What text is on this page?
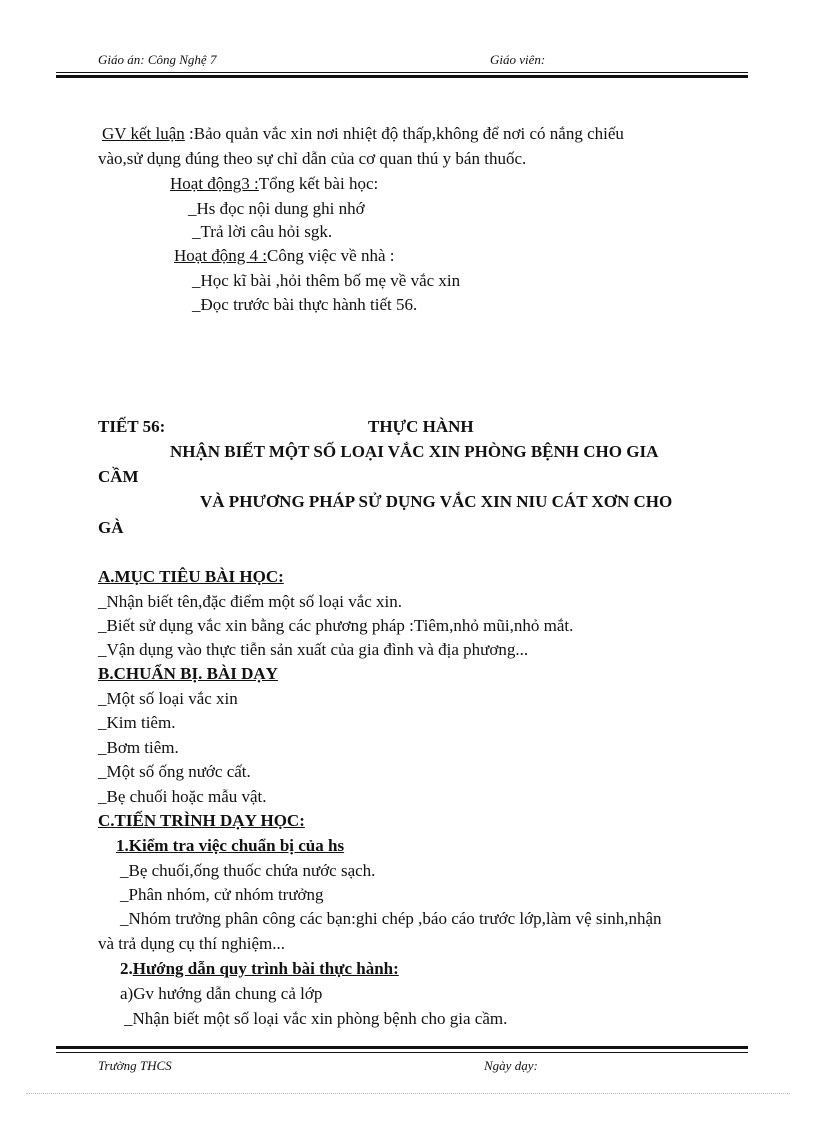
Giáo án: Công Nghệ 7	Giáo viên:
GV kết luận :Bảo quản vắc xin nơi nhiệt độ thấp,không để nơi có nắng chiếu
vào,sử dụng đúng theo sự chỉ dẫn của cơ quan thú y bán thuốc.
Hoạt động3 :Tổng kết bài học:
_Hs đọc nội dung ghi nhớ
_Trả lời câu hỏi sgk.
Hoạt động 4 :Công việc về nhà :
_Học kĩ bài ,hỏi thêm bố mẹ về vắc xin
_Đọc trước bài thực hành tiết 56.
TIẾT 56:	THỰC HÀNH
NHẬN BIẾT MỘT SỐ LOẠI VẮC XIN PHÒNG BỆNH CHO GIA
CẦM
VÀ PHƯƠNG PHÁP SỬ DỤNG VẮC XIN NIU CÁT XƠN CHO
GÀ
A.MỤC TIÊU BÀI HỌC:
_Nhận biết tên,đặc điểm một số loại vắc xin.
_Biết sử dụng vắc xin bằng các phương pháp :Tiêm,nhỏ mũi,nhỏ mắt.
_Vận dụng vào thực tiễn sản xuất của gia đình và địa phương...
B.CHUẨN BỊ. BÀI DẠY
_Một số loại vắc xin
_Kim tiêm.
_Bơm tiêm.
_Một số ống nước cất.
_Bẹ chuối hoặc mẫu vật.
C.TIẾN TRÌNH DẠY HỌC:
1.Kiểm tra việc chuẩn bị của hs
_Bẹ chuối,ống thuốc chứa nước sạch.
_Phân nhóm, cử nhóm trưởng
_Nhóm trưởng phân công các bạn:ghi chép ,báo cáo trước lớp,làm vệ sinh,nhận
và trả dụng cụ thí nghiệm...
2.Hướng dẫn quy trình bài thực hành:
a)Gv hướng dẫn chung cả lớp
_Nhận biết một số loại vắc xin phòng bệnh cho gia cầm.
Trường THCS	Ngày dạy:
